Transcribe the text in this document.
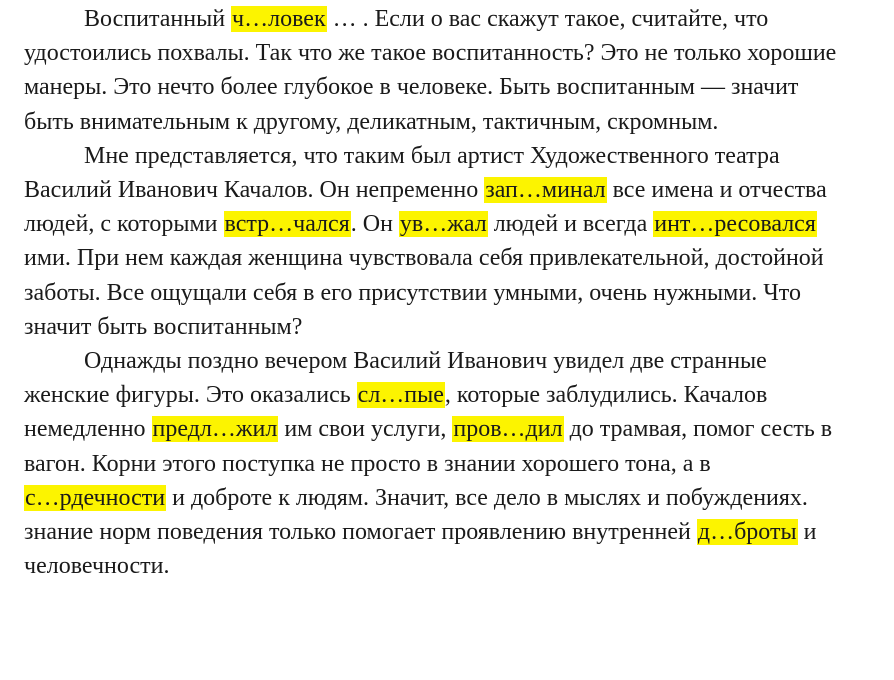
Воспитанный ч…ловек … . Если о вас скажут такое, считайте, что
удостоились похвалы. Так что же такое воспитанность? Это не только хорошие
манеры. Это нечто более глубокое в человеке. Быть воспитанным — значит
быть внимательным к другому, деликатным, тактичным, скромным.
Мне представляется, что таким был артист Художественного театра
Василий Иванович Качалов. Он непременно зап…минал все имена и отчества
людей, с которыми встр…чался. Он ув…жал людей и всегда инт…ресовался
ими. При нем каждая женщина чувствовала себя привлекательной, достойной
заботы. Все ощущали себя в его присутствии умными, очень нужными. Что
значит быть воспитанным?
Однажды поздно вечером Василий Иванович увидел две странные
женские фигуры. Это оказались сл…пые, которые заблудились. Качалов
немедленно предл…жил им свои услуги, пров…дил до трамвая, помог сесть в
вагон. Корни этого поступка не просто в знании хорошего тона, а в
с…рдечности и доброте к людям. Значит, все дело в мыслях и побуждениях.
знание норм поведения только помогает проявлению внутренней д…броты и
человечности.
